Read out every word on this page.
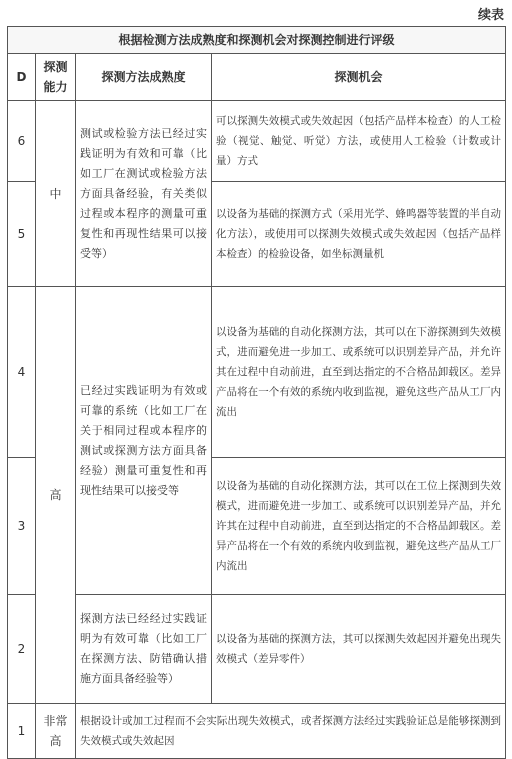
续表
根据检测方法成熟度和探测机会对探测控制进行评级			
D	探测能力	探测方法成熟度	探测机会
6	中	测试或检验方法已经过实践证明为有效和可靠（比如工厂在测试或检验方法方面具备经验，有关类似过程或本程序的测量可重复性和再现性结果可以接受等）	可以探测失效模式或失效起因（包括产品样本检查）的人工检验（视觉、触觉、听觉）方法，或使用人工检验（计数或计量）方式
5			以设备为基础的探测方式（采用光学、蜂鸣器等装置的半自动化方法），或使用可以探测失效模式或失效起因（包括产品样本检查）的检验设备，如坐标测量机
4	高	已经过实践证明为有效或可靠的系统（比如工厂在关于相同过程或本程序的测试或探测方法方面具备经验）测量可重复性和再现性结果可以接受等	以设备为基础的自动化探测方法，其可以在下游探测到失效模式，进而避免进一步加工、或系统可以识别差异产品，并允许其在过程中自动前进，直至到达指定的不合格品卸载区。差异产品将在一个有效的系统内收到监视，避免这些产品从工厂内流出
3			以设备为基础的自动化探测方法，其可以在工位上探测到失效模式，进而避免进一步加工、或系统可以识别差异产品，并允许其在过程中自动前进，直至到达指定的不合格品卸载区。差异产品将在一个有效的系统内收到监视，避免这些产品从工厂内流出
2		探测方法已经经过实践证明为有效可靠（比如工厂在探测方法、防错确认措施方面具备经验等）	以设备为基础的探测方法，其可以探测失效起因并避免出现失效模式（差异零件）
1	非常高	根据设计或加工过程而不会实际出现失效模式，或者探测方法经过实践验证总是能够探测到失效模式或失效起因	
